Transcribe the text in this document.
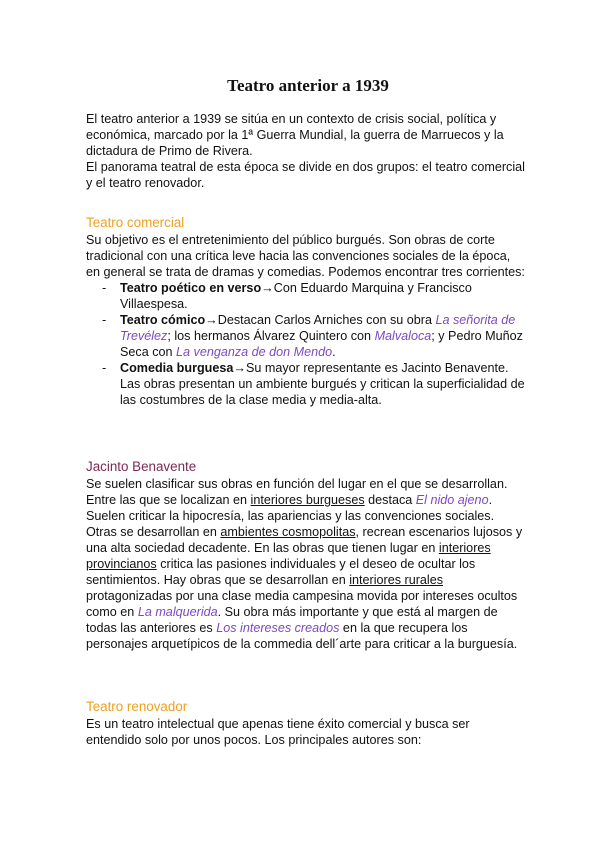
Teatro anterior a 1939

El teatro anterior a 1939 se sitúa en un contexto de crisis social, política y económica, marcado por la 1ª Guerra Mundial, la guerra de Marruecos y la dictadura de Primo de Rivera.

El panorama teatral de esta época se divide en dos grupos: el teatro comercial y el teatro renovador.

Teatro comercial

Su objetivo es el entretenimiento del público burgués. Son obras de corte tradicional con una crítica leve hacia las convenciones sociales de la época, en general se trata de dramas y comedias. Podemos encontrar tres corrientes:

- Teatro poético en verso→Con Eduardo Marquina y Francisco Villaespesa.
- Teatro cómico→Destacan Carlos Arniches con su obra La señorita de Trevélez; los hermanos Álvarez Quintero con Malvaloca; y Pedro Muñoz Seca con La venganza de don Mendo.
- Comedia burguesa→Su mayor representante es Jacinto Benavente. Las obras presentan un ambiente burgués y critican la superficialidad de las costumbres de la clase media y media-alta.

Jacinto Benavente

Se suelen clasificar sus obras en función del lugar en el que se desarrollan. Entre las que se localizan en interiores burgueses destaca El nido ajeno. Suelen criticar la hipocresía, las apariencias y las convenciones sociales. Otras se desarrollan en ambientes cosmopolitas, recrean escenarios lujosos y una alta sociedad decadente. En las obras que tienen lugar en interiores provincianos critica las pasiones individuales y el deseo de ocultar los sentimientos. Hay obras que se desarrollan en interiores rurales protagonizadas por una clase media campesina movida por intereses ocultos como en La malquerida. Su obra más importante y que está al margen de todas las anteriores es Los intereses creados en la que recupera los personajes arquetípicos de la commedia dell´arte para criticar a la burguesía.

Teatro renovador

Es un teatro intelectual que apenas tiene éxito comercial y busca ser entendido solo por unos pocos. Los principales autores son:
